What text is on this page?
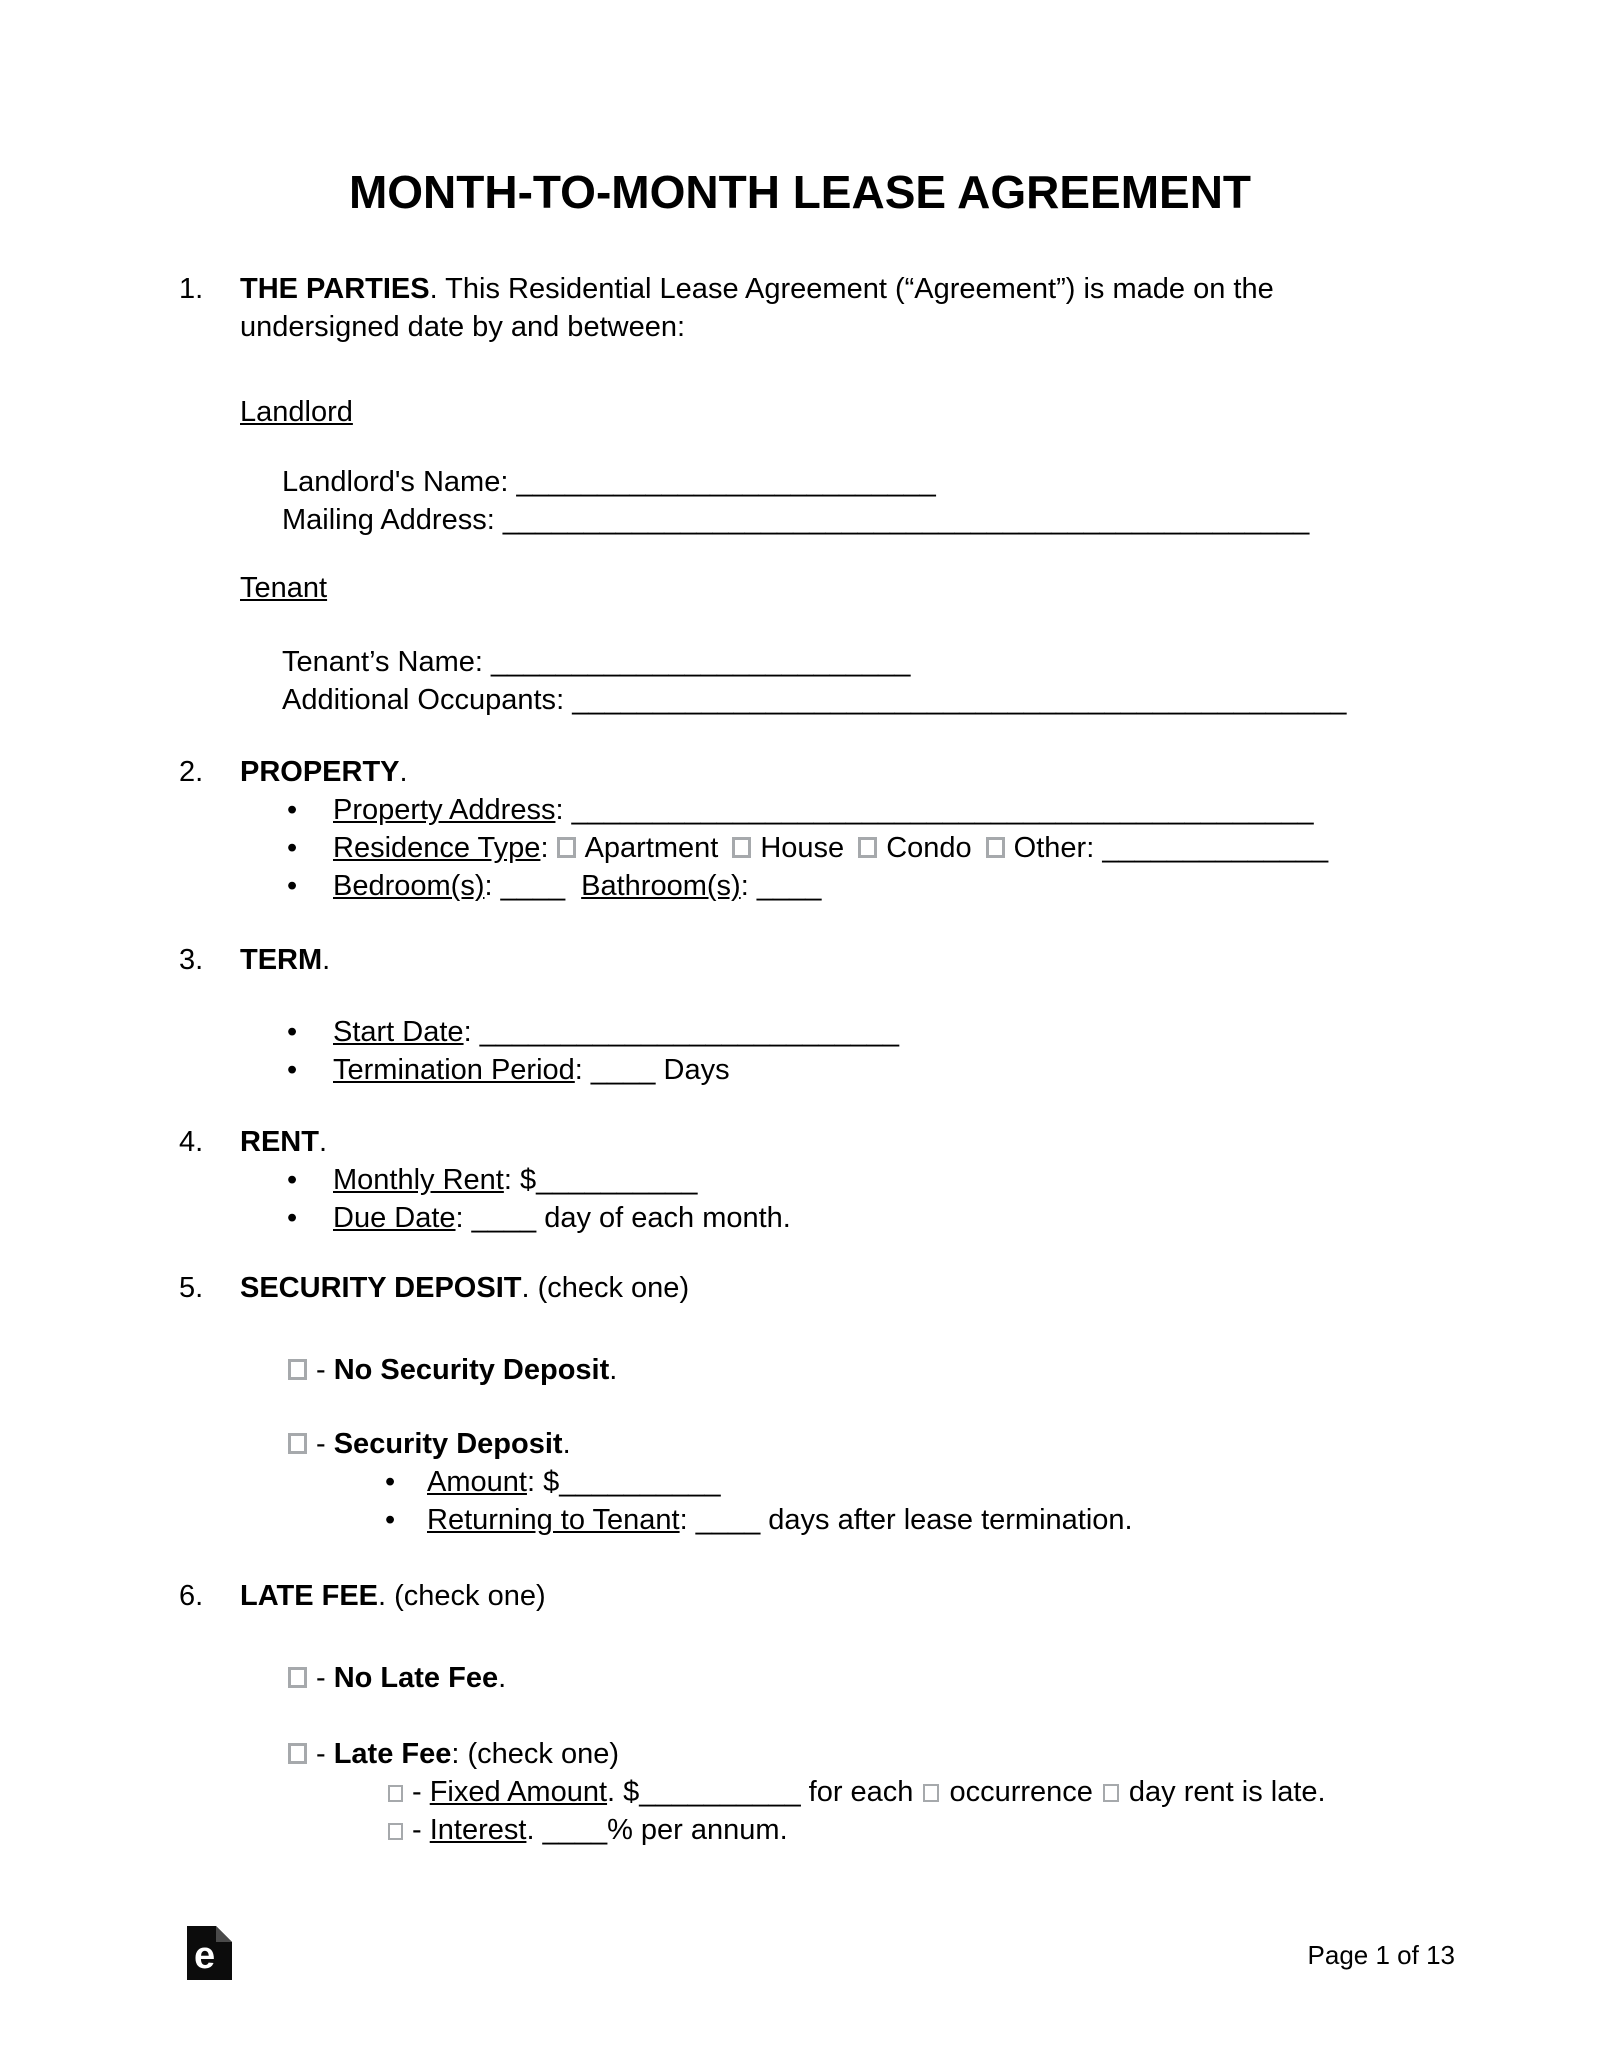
MONTH-TO-MONTH LEASE AGREEMENT
1.	THE PARTIES. This Residential Lease Agreement (“Agreement”) is made on the
undersigned date by and between:
Landlord
Landlord's Name: __________________________
Mailing Address: __________________________________________________
Tenant
Tenant’s Name: __________________________
Additional Occupants: ________________________________________________
2.	PROPERTY.
•
Property Address: ______________________________________________
•
Residence Type: Apartment House Condo Other: ______________
•
Bedroom(s): ____ Bathroom(s): ____
3.	TERM.
•
Start Date: __________________________
•
Termination Period: ____ Days
4.	RENT.
•
Monthly Rent: $__________
•
Due Date: ____ day of each month.
5.	SECURITY DEPOSIT. (check one)
- No Security Deposit.
- Security Deposit.
•
Amount: $__________
•
Returning to Tenant: ____ days after lease termination.
6.	LATE FEE. (check one)
- No Late Fee.
- Late Fee: (check one)
- Fixed Amount. $__________ for each occurrence day rent is late.
- Interest. ____% per annum.
e	Page 1 of 13
